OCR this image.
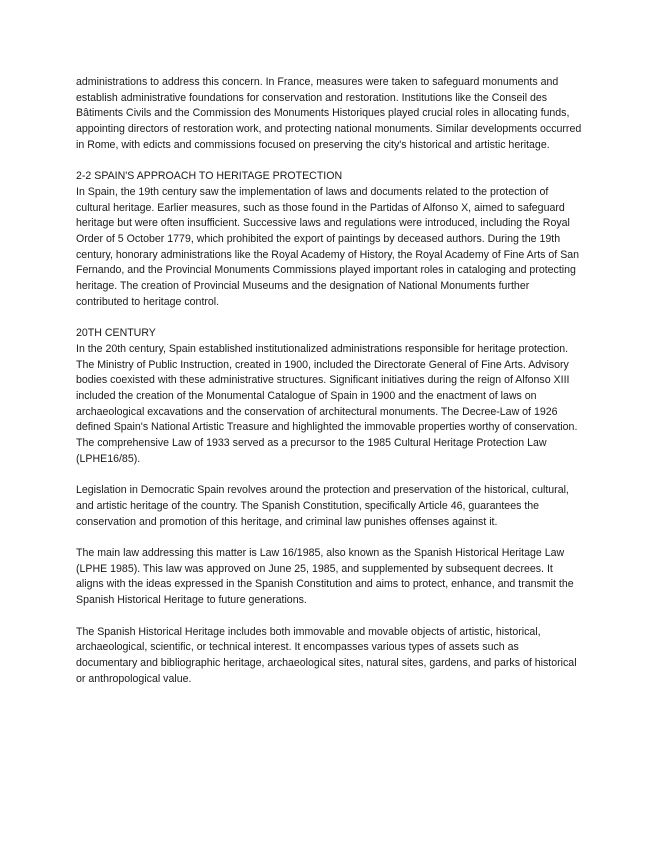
administrations to address this concern. In France, measures were taken to safeguard monuments and establish administrative foundations for conservation and restoration. Institutions like the Conseil des Bâtiments Civils and the Commission des Monuments Historiques played crucial roles in allocating funds, appointing directors of restoration work, and protecting national monuments. Similar developments occurred in Rome, with edicts and commissions focused on preserving the city's historical and artistic heritage.

2-2 SPAIN'S APPROACH TO HERITAGE PROTECTION

In Spain, the 19th century saw the implementation of laws and documents related to the protection of cultural heritage. Earlier measures, such as those found in the Partidas of Alfonso X, aimed to safeguard heritage but were often insufficient. Successive laws and regulations were introduced, including the Royal Order of 5 October 1779, which prohibited the export of paintings by deceased authors. During the 19th century, honorary administrations like the Royal Academy of History, the Royal Academy of Fine Arts of San Fernando, and the Provincial Monuments Commissions played important roles in cataloging and protecting heritage. The creation of Provincial Museums and the designation of National Monuments further contributed to heritage control.

20TH CENTURY

In the 20th century, Spain established institutionalized administrations responsible for heritage protection. The Ministry of Public Instruction, created in 1900, included the Directorate General of Fine Arts. Advisory bodies coexisted with these administrative structures. Significant initiatives during the reign of Alfonso XIII included the creation of the Monumental Catalogue of Spain in 1900 and the enactment of laws on archaeological excavations and the conservation of architectural monuments. The Decree-Law of 1926 defined Spain's National Artistic Treasure and highlighted the immovable properties worthy of conservation. The comprehensive Law of 1933 served as a precursor to the 1985 Cultural Heritage Protection Law (LPHE16/85).

Legislation in Democratic Spain revolves around the protection and preservation of the historical, cultural, and artistic heritage of the country. The Spanish Constitution, specifically Article 46, guarantees the conservation and promotion of this heritage, and criminal law punishes offenses against it.

The main law addressing this matter is Law 16/1985, also known as the Spanish Historical Heritage Law (LPHE 1985). This law was approved on June 25, 1985, and supplemented by subsequent decrees. It aligns with the ideas expressed in the Spanish Constitution and aims to protect, enhance, and transmit the Spanish Historical Heritage to future generations.

The Spanish Historical Heritage includes both immovable and movable objects of artistic, historical, archaeological, scientific, or technical interest. It encompasses various types of assets such as documentary and bibliographic heritage, archaeological sites, natural sites, gardens, and parks of historical or anthropological value.
